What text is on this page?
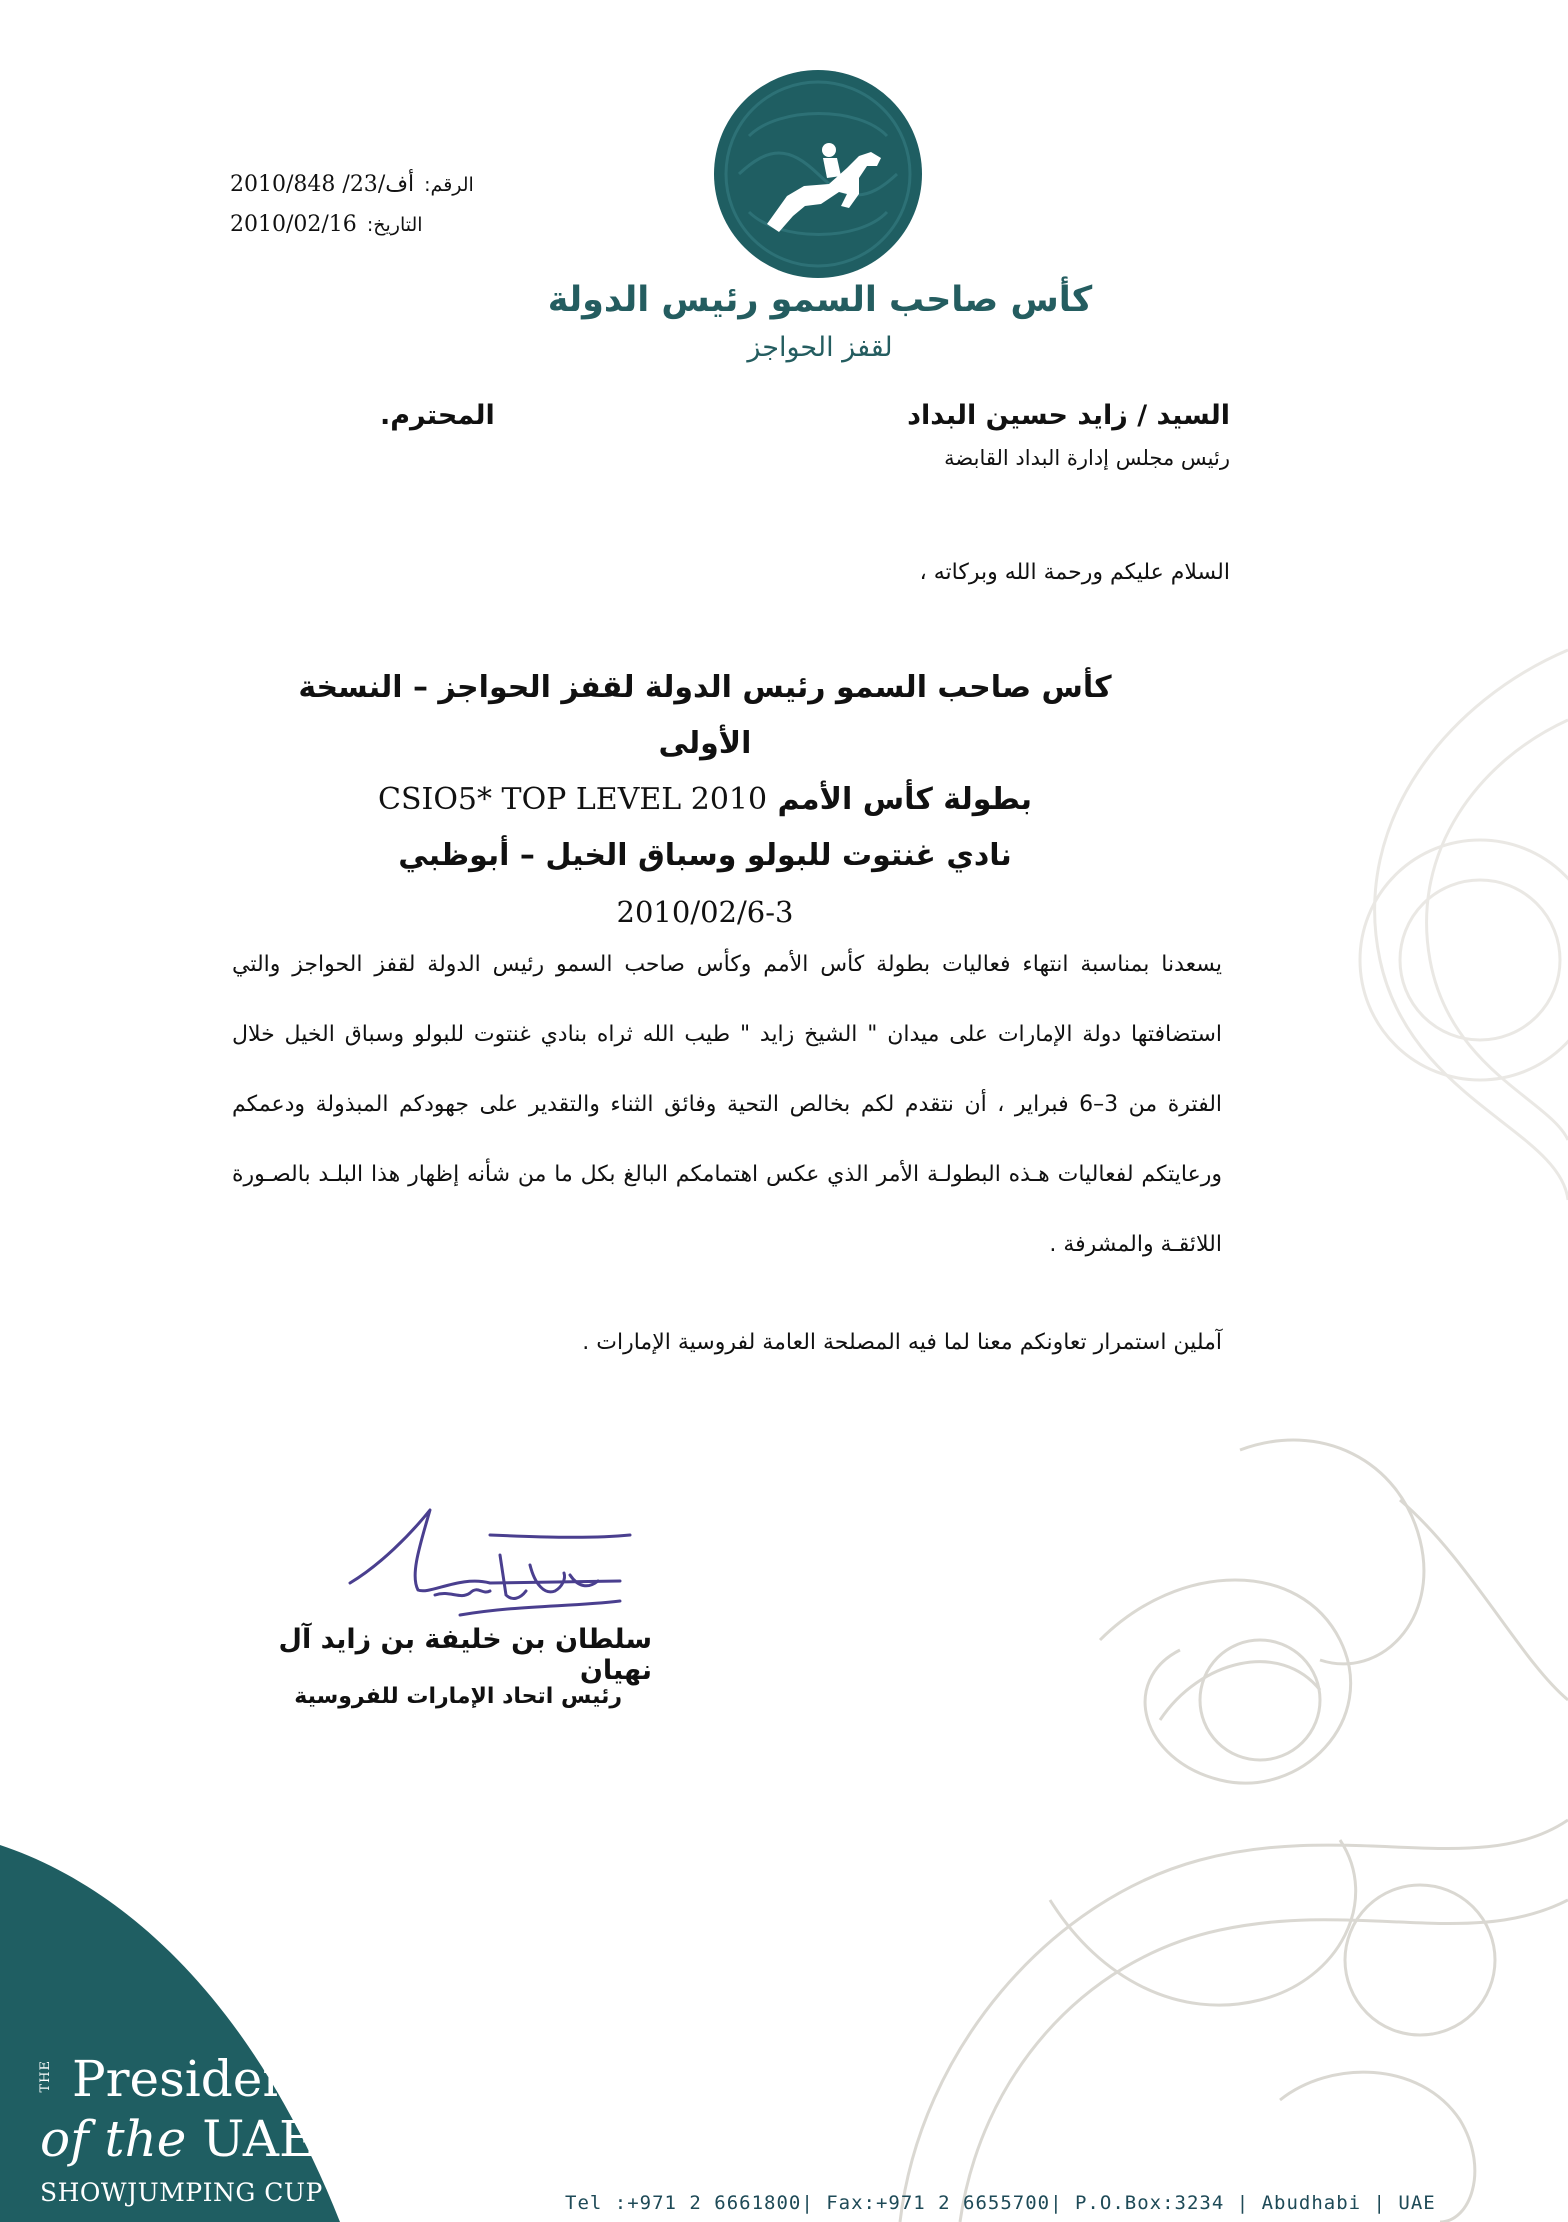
كأس صاحب السمو رئيس الدولة
لقفز الحواجز
الرقم:
أف/23/ 2010/848
التاريخ:
2010/02/16
السيد / زايد حسين البداد
المحترم.
رئيس مجلس إدارة البداد القابضة
السلام عليكم ورحمة الله وبركاته ،
كأس صاحب السمو رئيس الدولة لقفز الحواجز – النسخة الأولى
بطولة كأس الأمم CSIO5* TOP LEVEL 2010
نادي غنتوت للبولو وسباق الخيل – أبوظبي
2010/02/6-3
يسعدنا بمناسبة انتهاء فعاليات بطولة كأس الأمم وكأس صاحب السمو رئيس الدولة لقفز الحواجز والتي استضافتها دولة الإمارات على ميدان " الشيخ زايد " طيب الله ثراه بنادي غنتوت للبولو وسباق الخيل خلال الفترة من 3–6 فبراير ، أن نتقدم لكم بخالص التحية وفائق الثناء والتقدير على جهودكم المبذولة ودعمكم ورعايتكم لفعاليات هـذه البطولـة الأمر الذي عكس اهتمامكم البالغ بكل ما من شأنه إظهار هذا البلـد بالصـورة اللائقـة والمشرفة .
آملين استمرار تعاونكم معنا لما فيه المصلحة العامة لفروسية الإمارات .
سلطان بن خليفة بن زايد آل نهيان
رئيس اتحاد الإمارات للفروسية
THE President
of the UAE
SHOWJUMPING CUP	Tel :+971 2 6661800| Fax:+971 2 6655700| P.O.Box:3234 | Abudhabi | UAE
